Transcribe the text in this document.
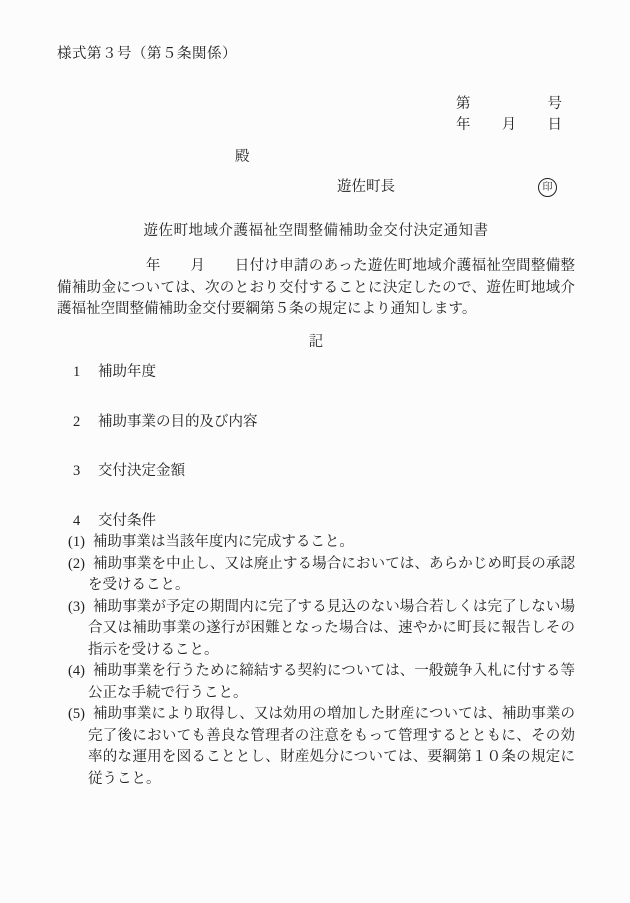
様式第３号（第５条関係）
第	号
年 月 日
殿
遊佐町長	印
遊佐町地域介護福祉空間整備補助金交付決定通知書

　　　　　　年　　月　　日付け申請のあった遊佐町地域介護福祉空間整備整備補助金については、次のとおり交付することに決定したので、遊佐町地域介護福祉空間整備補助金交付要綱第５条の規定により通知します。

記
1 補助年度
2 補助事業の目的及び内容
3 交付決定金額
4 交付条件

(1) 補助事業は当該年度内に完成すること。

(2) 補助事業を中止し、又は廃止する場合においては、あらかじめ町長の承認を受けること。

(3) 補助事業が予定の期間内に完了する見込のない場合若しくは完了しない場合又は補助事業の遂行が困難となった場合は、速やかに町長に報告しその指示を受けること。

(4) 補助事業を行うために締結する契約については、一般競争入札に付する等公正な手続で行うこと。

(5) 補助事業により取得し、又は効用の増加した財産については、補助事業の完了後においても善良な管理者の注意をもって管理するとともに、その効率的な運用を図ることとし、財産処分については、要綱第１０条の規定に従うこと。
